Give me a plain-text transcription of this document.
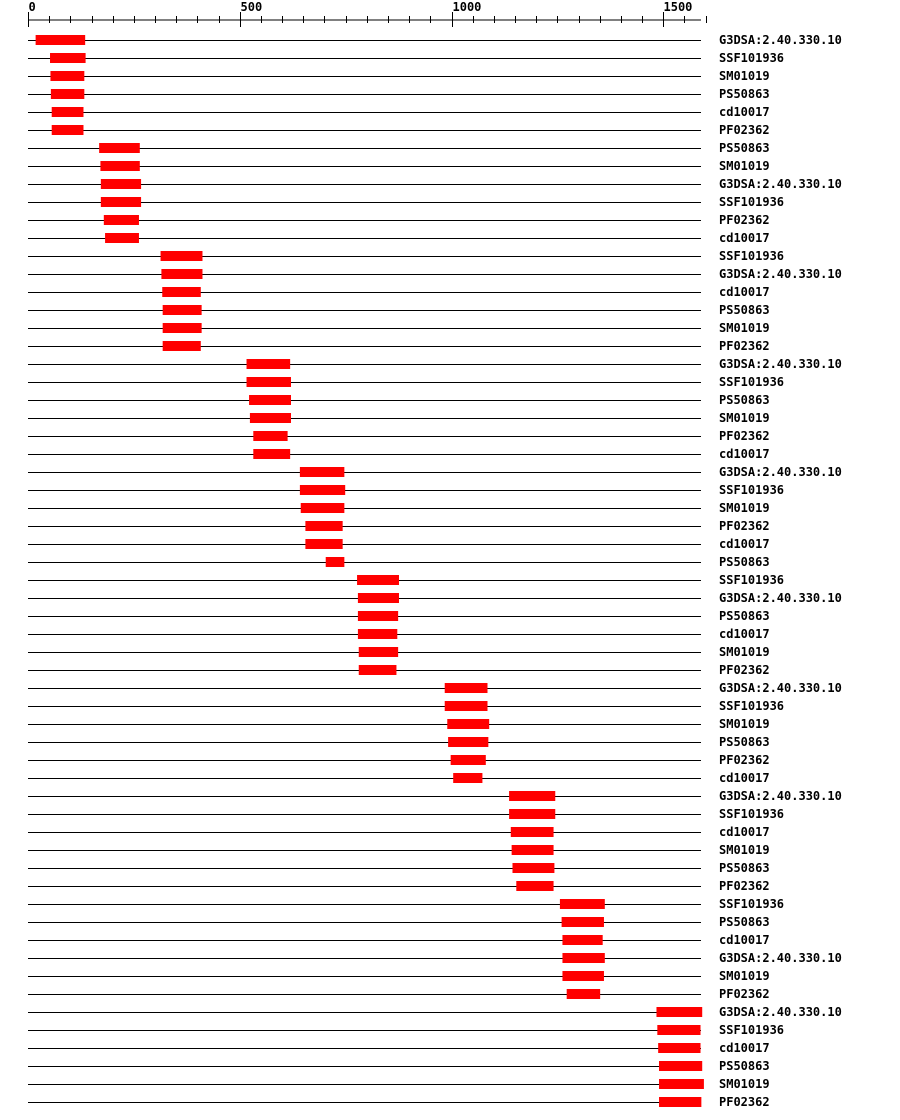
0	500	1000	1500
G3DSA:2.40.330.10
SSF101936
SM01019
PS50863
cd10017
PF02362
PS50863
SM01019
G3DSA:2.40.330.10
SSF101936
PF02362
cd10017
SSF101936
G3DSA:2.40.330.10
cd10017
PS50863
SM01019
PF02362
G3DSA:2.40.330.10
SSF101936
PS50863
SM01019
PF02362
cd10017
G3DSA:2.40.330.10
SSF101936
SM01019
PF02362
cd10017
PS50863
SSF101936
G3DSA:2.40.330.10
PS50863
cd10017
SM01019
PF02362
G3DSA:2.40.330.10
SSF101936
SM01019
PS50863
PF02362
cd10017
G3DSA:2.40.330.10
SSF101936
cd10017
SM01019
PS50863
PF02362
SSF101936
PS50863
cd10017
G3DSA:2.40.330.10
SM01019
PF02362
G3DSA:2.40.330.10
SSF101936
cd10017
PS50863
SM01019
PF02362
